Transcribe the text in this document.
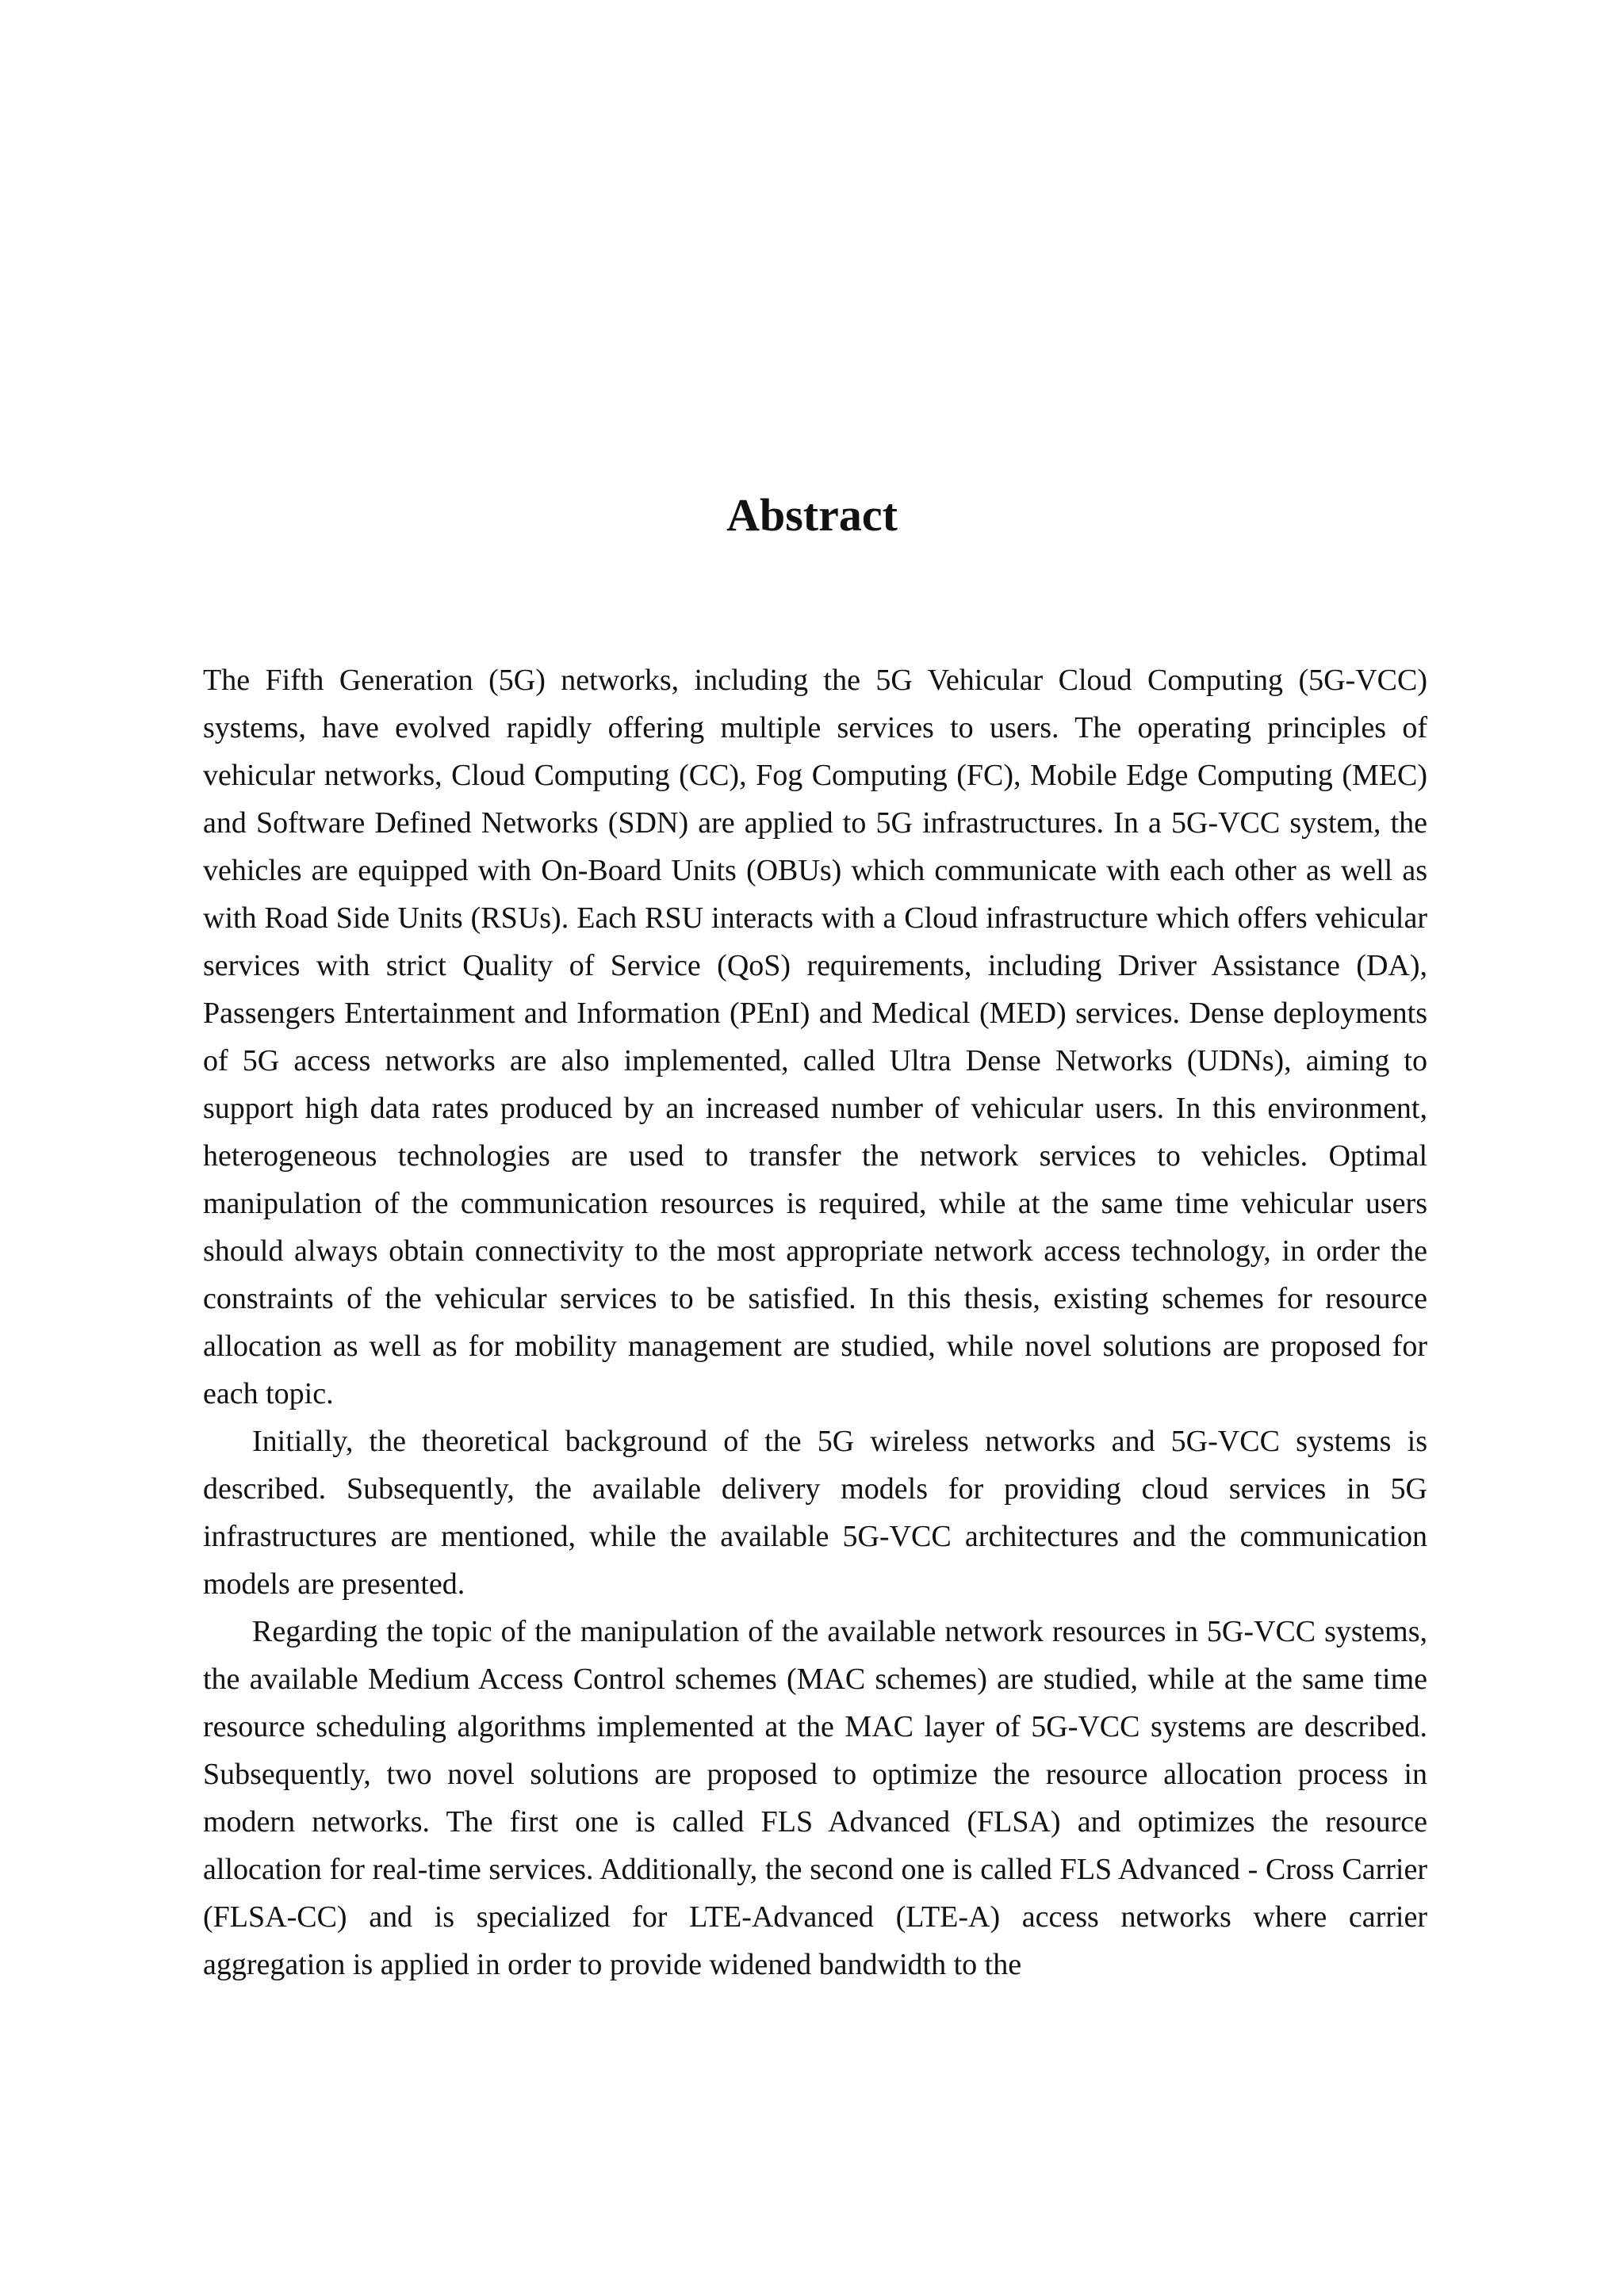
Abstract

The Fifth Generation (5G) networks, including the 5G Vehicular Cloud Computing (5G-VCC) systems, have evolved rapidly offering multiple services to users. The operating principles of vehicular networks, Cloud Computing (CC), Fog Computing (FC), Mobile Edge Computing (MEC) and Software Defined Networks (SDN) are applied to 5G infrastructures. In a 5G-VCC system, the vehicles are equipped with On-Board Units (OBUs) which communicate with each other as well as with Road Side Units (RSUs). Each RSU interacts with a Cloud infrastructure which offers vehicular services with strict Quality of Service (QoS) requirements, including Driver Assistance (DA), Passengers Entertainment and Information (PEnI) and Medical (MED) services. Dense deployments of 5G access networks are also implemented, called Ultra Dense Networks (UDNs), aiming to support high data rates produced by an increased number of vehicular users. In this environment, heterogeneous technologies are used to transfer the network services to vehicles. Optimal manipulation of the communication resources is required, while at the same time vehicular users should always obtain connectivity to the most appropriate network access technology, in order the constraints of the vehicular services to be satisfied. In this thesis, existing schemes for resource allocation as well as for mobility management are studied, while novel solutions are proposed for each topic.

Initially, the theoretical background of the 5G wireless networks and 5G-VCC systems is described. Subsequently, the available delivery models for providing cloud services in 5G infrastructures are mentioned, while the available 5G-VCC architectures and the communication models are presented.

Regarding the topic of the manipulation of the available network resources in 5G-VCC systems, the available Medium Access Control schemes (MAC schemes) are studied, while at the same time resource scheduling algorithms implemented at the MAC layer of 5G-VCC systems are described. Subsequently, two novel solutions are proposed to optimize the resource allocation process in modern networks. The first one is called FLS Advanced (FLSA) and optimizes the resource allocation for real-time services. Additionally, the second one is called FLS Advanced - Cross Carrier (FLSA-CC) and is specialized for LTE-Advanced (LTE-A) access networks where carrier aggregation is applied in order to provide widened bandwidth to the
